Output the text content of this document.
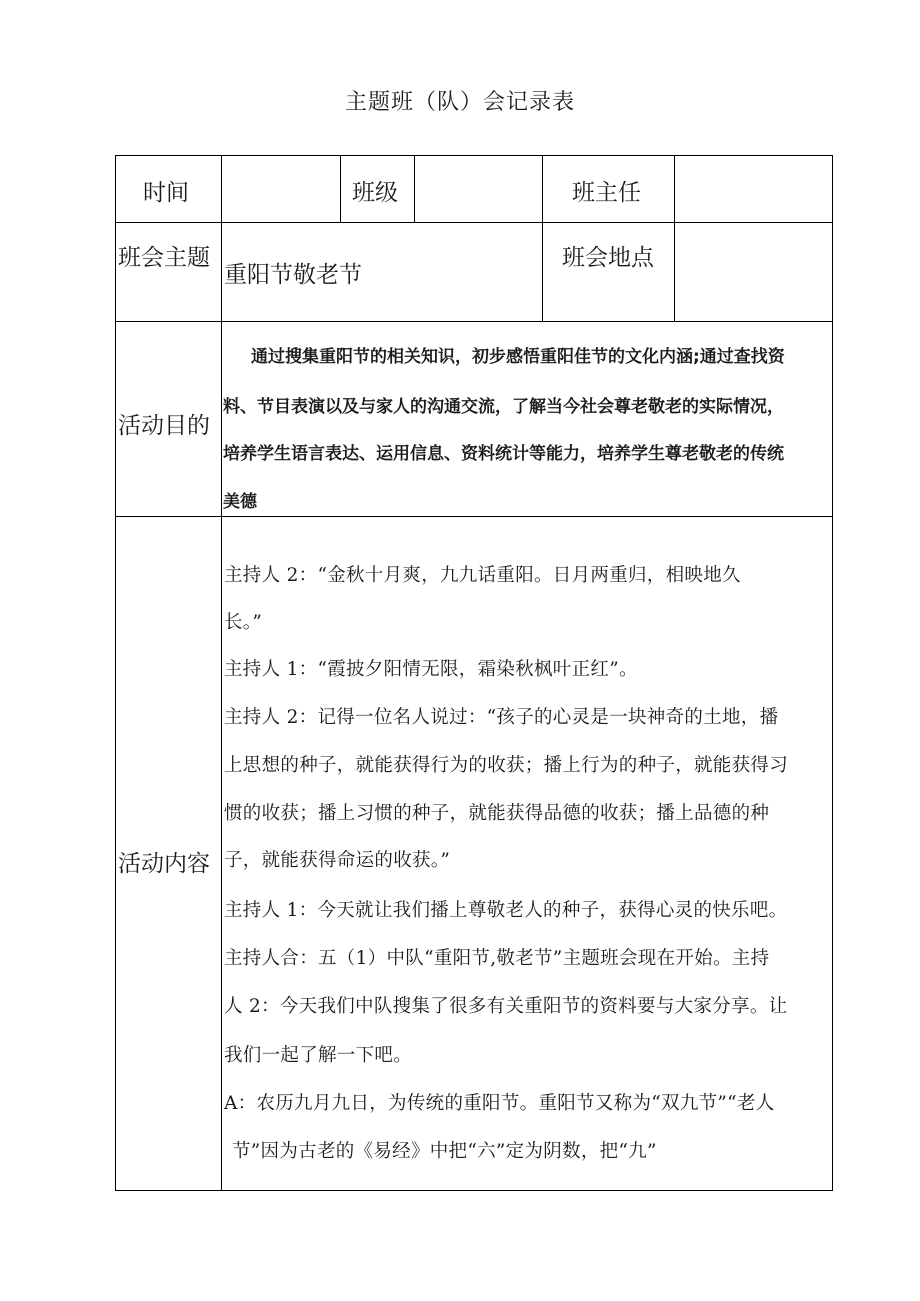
主题班（队）会记录表
时间	班级	班主任
班会主题
重阳节敬老节
班会地点
活动目的
通过搜集重阳节的相关知识，初步感悟重阳佳节的文化内涵;通过查找资
料、节目表演以及与家人的沟通交流，了解当今社会尊老敬老的实际情况，
培养学生语言表达、运用信息、资料统计等能力，培养学生尊老敬老的传统
美德
活动内容
主持人 2：“金秋十月爽，九九话重阳。日月两重归，相映地久
长。”
主持人 1：“霞披夕阳情无限，霜染秋枫叶正红”。
主持人 2：记得一位名人说过：“孩子的心灵是一块神奇的土地，播
上思想的种子，就能获得行为的收获；播上行为的种子，就能获得习
惯的收获；播上习惯的种子，就能获得品德的收获；播上品德的种
子，就能获得命运的收获。”
主持人 1：今天就让我们播上尊敬老人的种子，获得心灵的快乐吧。
主持人合：五（1）中队“重阳节,敬老节”主题班会现在开始。主持
人 2：今天我们中队搜集了很多有关重阳节的资料要与大家分享。让
我们一起了解一下吧。
A：农历九月九日，为传统的重阳节。重阳节又称为“双九节”“老人
节”因为古老的《易经》中把“六”定为阴数，把“九”
